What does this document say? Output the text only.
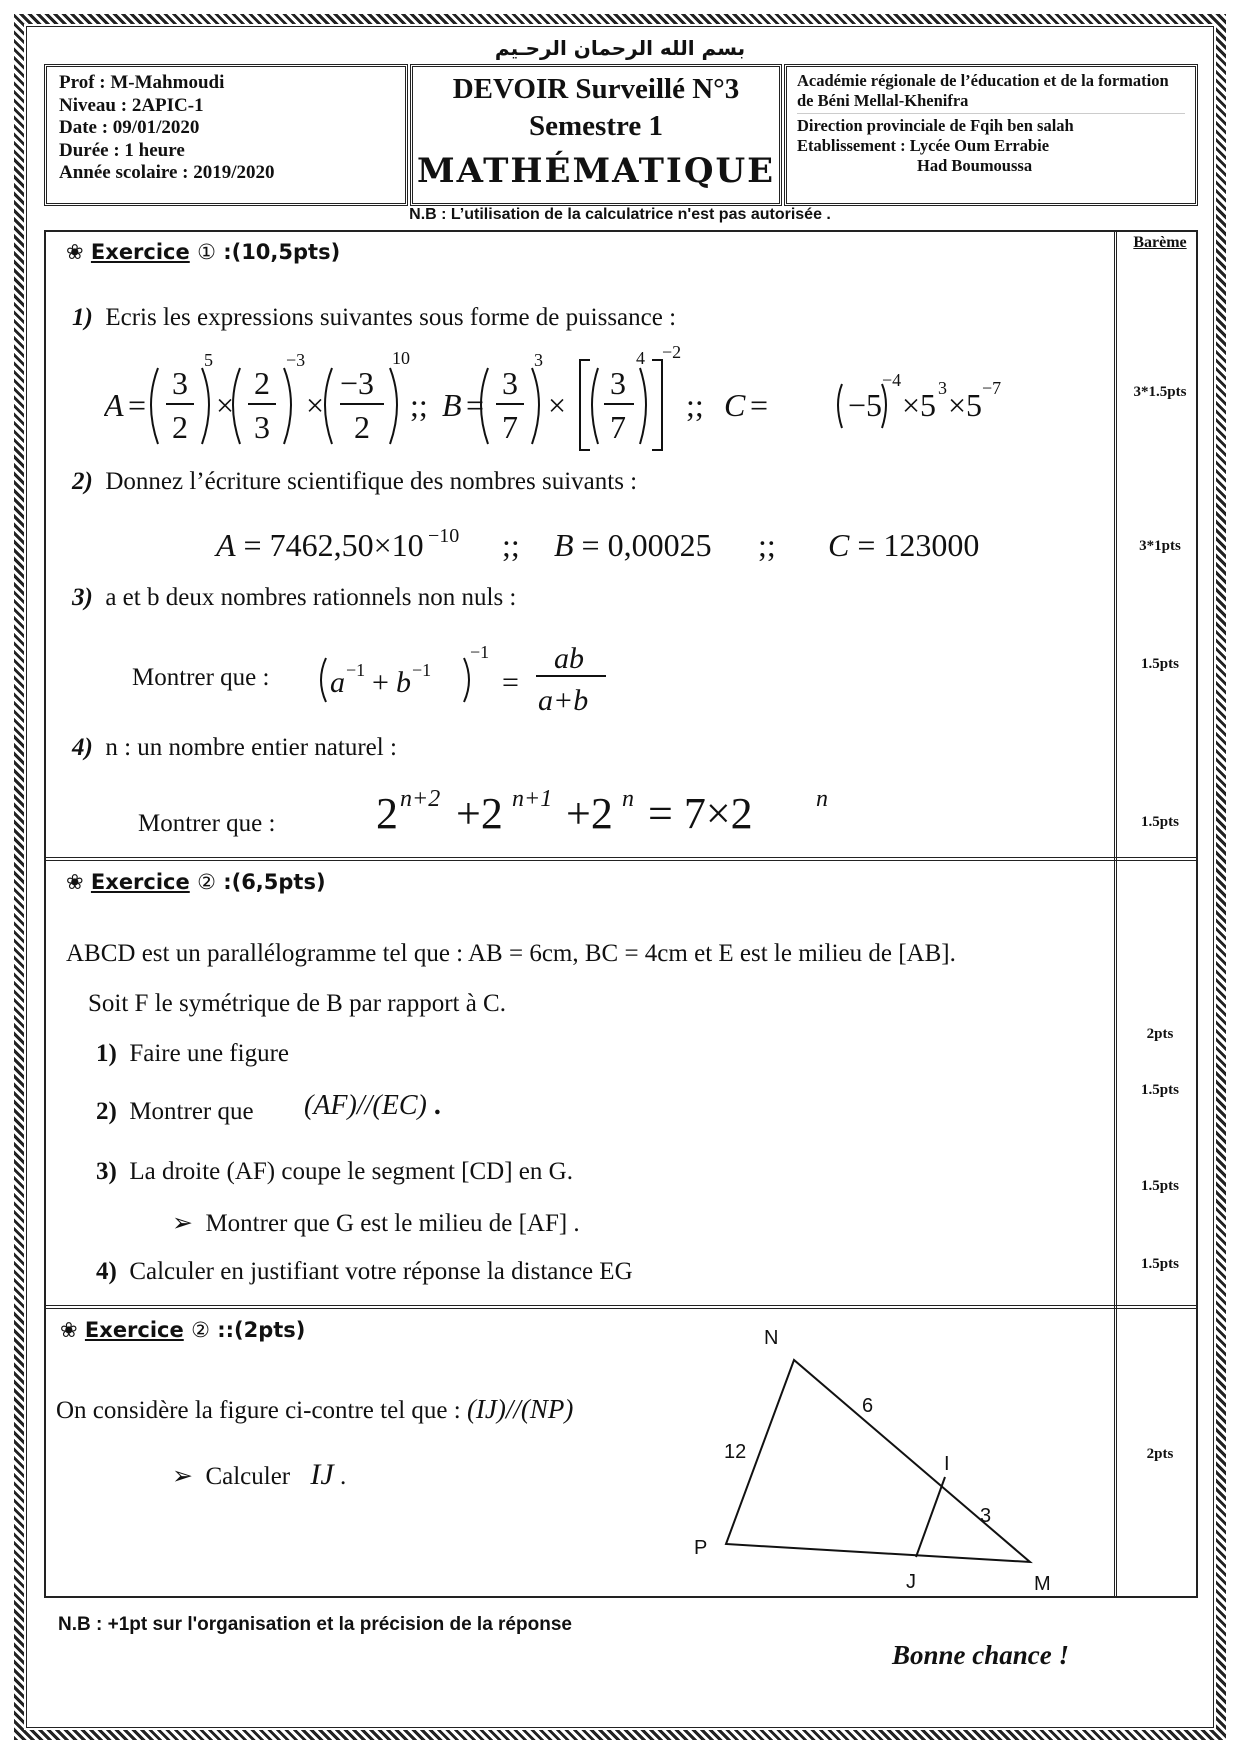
بسم الله الرحمان الرحـيم
Prof : M-Mahmoudi
Niveau : 2APIC-1
Date : 09/01/2020
Durée : 1 heure
Année scolaire : 2019/2020
DEVOIR Surveillé N°3
Semestre 1
MATHÉMATIQUE
Académie régionale de l’éducation et de la formation de Béni Mellal-Khenifra
Direction provinciale de Fqih ben salah
Etablissement : Lycée Oum Errabie
Had Boumoussa
N.B : L’utilisation de la calculatrice n'est pas autorisée .
Barème
❀ Exercice ① :(10,5pts)
1) Ecris les expressions suivantes sous forme de puissance :
A =
3
2
5
×
2
3
−3
×
−3
2
10
;; B =
3
7
3
×
3
7
4 −2
;; C = −5
−4
×5 3 ×5 −7
2) Donnez l’écriture scientifique des nombres suivants :
A = 7462,50×10 −10 ;; B = 0,00025 ;; C = 123000
3) a et b deux nombres rationnels non nuls :
Montrer que : a −1 + b −1
−1
=
ab
a+b
4) n : un nombre entier naturel :
Montrer que : 2 n+2 +2 n+1 +2 n = 7×2	n
3*1.5pts
3*1pts
1.5pts
1.5pts
❀ Exercice ② :(6,5pts)
ABCD est un parallélogramme tel que : AB = 6cm, BC = 4cm et E est le milieu de [AB].
Soit F le symétrique de B par rapport à C.
1) Faire une figure
2) Montrer que (AF)//(EC) .
3) La droite (AF) coupe le segment [CD] en G.
➢ Montrer que G est le milieu de [AF] .
4) Calculer en justifiant votre réponse la distance EG
2pts
1.5pts
1.5pts
1.5pts
❀ Exercice ② ::(2pts)
On considère la figure ci-contre tel que : (IJ)//(NP)
➢ Calculer IJ .
N
P
M
I
J
12
6
3
2pts
N.B : +1pt sur l'organisation et la précision de la réponse
Bonne chance !
